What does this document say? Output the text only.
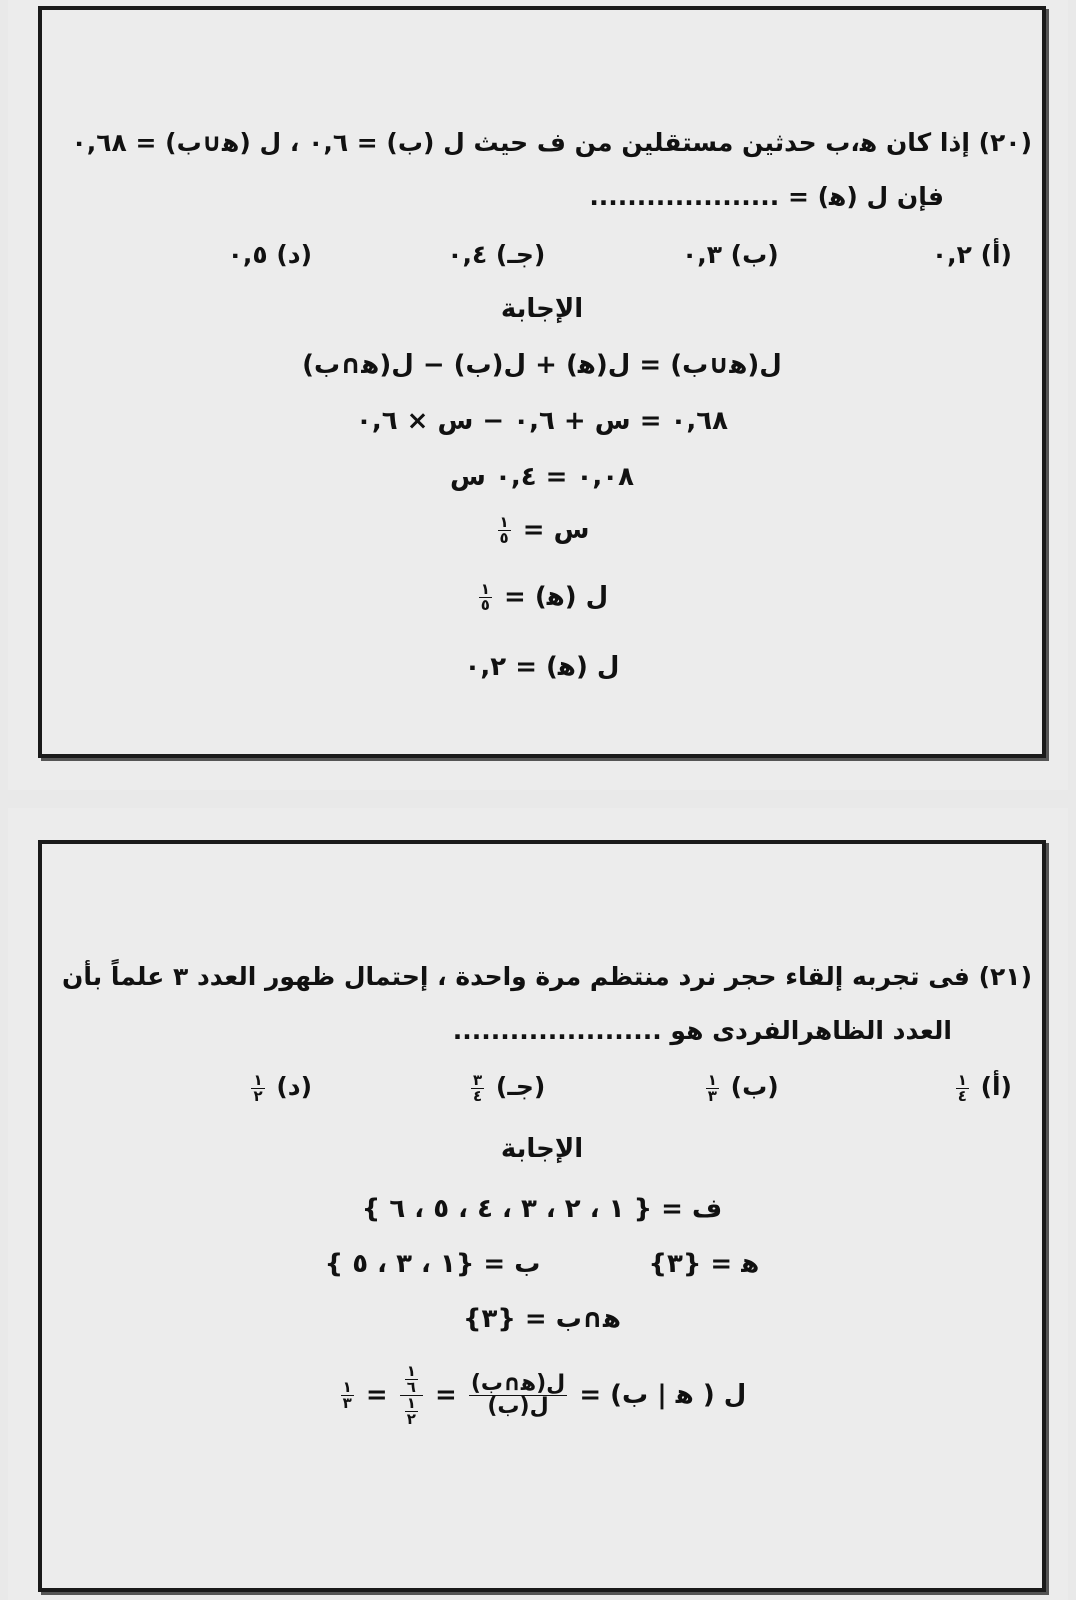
(٢٠) إذا كان ﻫ،ب حدثين مستقلين من ف حيث ل (ب) = ٠,٦ ، ل (ﻫ∪ب) = ٠,٦٨
فإن ل (ﻫ) = ....................
(أ) ٠,٢
(ب) ٠,٣
(جـ) ٠,٤
(د) ٠,٥
الإجابة
ل(ﻫ∪ب) = ل(ﻫ) + ل(ب) − ل(ﻫ∩ب)
٠,٦٨ = س + ٠,٦ − س × ٠,٦
٠,٠٨ = ٠,٤ س
س =
$\frac{١}{٥}$
ل (ﻫ) =
$\frac{١}{٥}$
ل (ﻫ) = ٠,٢
(٢١) فى تجربه إلقاء حجر نرد منتظم مرة واحدة ، إحتمال ظهور العدد ٣ علماً بأن
العدد الظاهرالفردى هو ......................
(أ)
$\frac{١}{٤}$
(ب)
$\frac{١}{٣}$
(جـ)
$\frac{٣}{٤}$
(د)
$\frac{١}{٢}$
الإجابة
ف = { ١ ، ٢ ، ٣ ، ٤ ، ٥ ، ٦ }
ﻫ = {٣}  ب = {١ ، ٣ ، ٥ }
ﻫ∩ب = {٣}
ل ( ﻫ | ب) =
$\frac{\text{ل(ﻫ∩ب)}}{\text{ل(ب)}}$
=
$\frac{\frac{١}{٦}}{\frac{١}{٢}}$
=
$\frac{١}{٣}$
